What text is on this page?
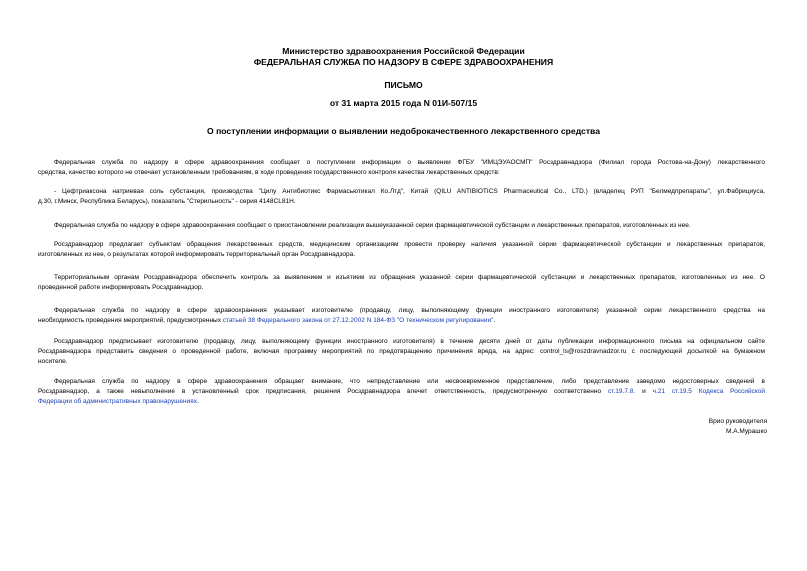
Министерство здравоохранения Российской Федерации
ФЕДЕРАЛЬНАЯ СЛУЖБА ПО НАДЗОРУ В СФЕРЕ ЗДРАВООХРАНЕНИЯ
ПИСЬМО
от 31 марта 2015 года N 01И-507/15
О поступлении информации о выявлении недоброкачественного лекарственного средства
Федеральная служба по надзору в сфере здравоохранения сообщает о поступлении информации о выявлении ФГБУ "ИМЦЭУАОСМП" Росздравнадзора (Филиал города Ростова-на-Дону) лекарственного
средства, качество которого не отвечает установленным требованиям, в ходе проведения государственного контроля качества лекарственных средств:
- Цефтриаксона натриевая соль субстанция, производства "Цилу Антибиотикс Фармасьютикал Ко.Лтд", Китай (QILU ANTIBIOTICS Pharmaceutical Co., LTD.) (владелец РУП "Белмедпрепараты", ул.Фабрициуса,
д.30, г.Минск, Республика Беларусь), показатель "Стерильность" - серия 4148CL81H.
Федеральная служба по надзору в сфере здравоохранения сообщает о приостановлении реализации вышеуказанной серии фармацевтической субстанции и лекарственных препаратов, изготовленных из нее.
Росздравнадзор предлагает субъектам обращения лекарственных средств, медицинским организациям провести проверку наличия указанной серии фармацевтической субстанции и лекарственных препаратов,
изготовленных из нее, о результатах которой информировать территориальный орган Росздравнадзора.
Территориальным органам Росздравнадзора обеспечить контроль за выявлением и изъятием из обращения указанной серии фармацевтической субстанции и лекарственных препаратов, изготовленных из нее. О
проведенной работе информировать Росздравнадзор.
Федеральная служба по надзору в сфере здравоохранения указывает изготовителю (продавцу, лицу, выполняющему функции иностранного изготовителя) указанной серии лекарственного средства на
необходимость проведения мероприятий, предусмотренных статьей 38 Федерального закона от 27.12.2002 N 184-ФЗ "О техническом регулировании".
Росздравнадзор предписывает изготовителю (продавцу, лицу, выполняющему функции иностранного изготовителя) в течение десяти дней от даты публикации информационного письма на официальном сайте
Росздравнадзора представить сведения о проведенной работе, включая программу мероприятий по предотвращению причинения вреда, на адрес: control_ls@roszdravnadzor.ru с последующей досылкой на бумажном
носителе.
Федеральная служба по надзору в сфере здравоохранения обращает внимание, что непредставление или несвоевременное представление, либо представление заведомо недостоверных сведений в
Росздравнадзор, а также невыполнение в установленный срок предписания, решения Росздравнадзора влечет ответственность, предусмотренную соответственно ст.19.7.8. и ч.21 ст.19.5 Кодекса Российской
Федерации об административных правонарушениях.
Врио руководителя
М.А.Мурашко
